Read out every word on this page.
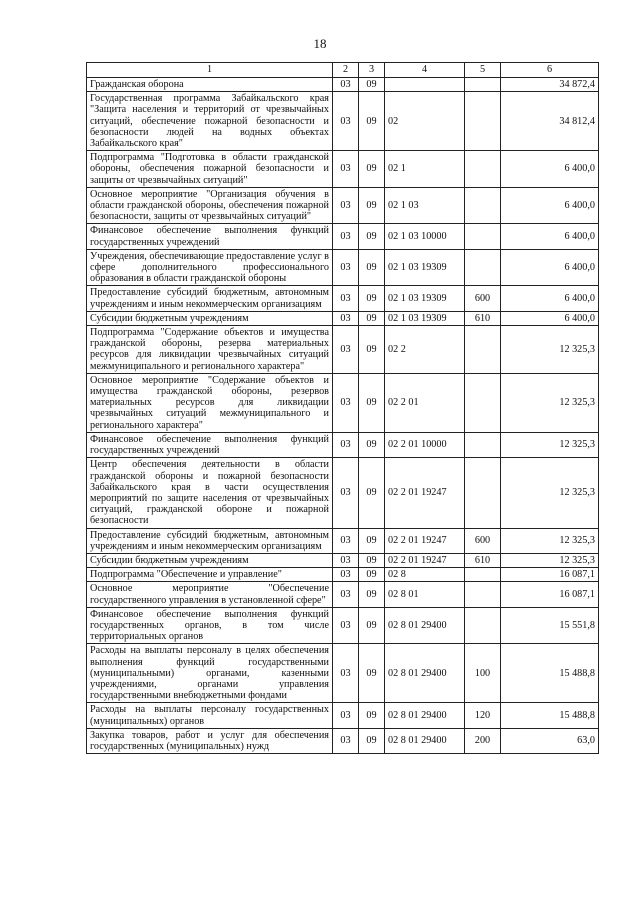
18
1	2	3	4	5	6
Гражданская оборона	03	09			34 872,4
Государственная программа Забайкальского края "Защита населения и территорий от чрезвычайных ситуаций, обеспечение пожарной безопасности и безопасности людей на водных объектах Забайкальского края"	03	09	02		34 812,4
Подпрограмма "Подготовка в области гражданской обороны, обеспечения пожарной безопасности и защиты от чрезвычайных ситуаций"	03	09	02 1		6 400,0
Основное мероприятие "Организация обучения в области гражданской обороны, обеспечения пожарной безопасности, защиты от чрезвычайных ситуаций"	03	09	02 1 03		6 400,0
Финансовое обеспечение выполнения функций государственных учреждений	03	09	02 1 03 10000		6 400,0
Учреждения, обеспечивающие предоставление услуг в сфере дополнительного профессионального образования в области гражданской обороны	03	09	02 1 03 19309		6 400,0
Предоставление субсидий бюджетным, автономным учреждениям и иным некоммерческим организациям	03	09	02 1 03 19309	600	6 400,0
Субсидии бюджетным учреждениям	03	09	02 1 03 19309	610	6 400,0
Подпрограмма "Содержание объектов и имущества гражданской обороны, резерва материальных ресурсов для ликвидации чрезвычайных ситуаций межмуниципального и регионального характера"	03	09	02 2		12 325,3
Основное мероприятие "Содержание объектов и имущества гражданской обороны, резервов материальных ресурсов для ликвидации чрезвычайных ситуаций межмуниципального и регионального характера"	03	09	02 2 01		12 325,3
Финансовое обеспечение выполнения функций государственных учреждений	03	09	02 2 01 10000		12 325,3
Центр обеспечения деятельности в области гражданской обороны и пожарной безопасности Забайкальского края в части осуществления мероприятий по защите населения от чрезвычайных ситуаций, гражданской обороне и пожарной безопасности	03	09	02 2 01 19247		12 325,3
Предоставление субсидий бюджетным, автономным учреждениям и иным некоммерческим организациям	03	09	02 2 01 19247	600	12 325,3
Субсидии бюджетным учреждениям	03	09	02 2 01 19247	610	12 325,3
Подпрограмма "Обеспечение и управление"	03	09	02 8		16 087,1
Основное мероприятие "Обеспечение государственного управления в установленной сфере"	03	09	02 8 01		16 087,1
Финансовое обеспечение выполнения функций государственных органов, в том числе территориальных органов	03	09	02 8 01 29400		15 551,8
Расходы на выплаты персоналу в целях обеспечения выполнения функций государственными (муниципальными) органами, казенными учреждениями, органами управления государственными внебюджетными фондами	03	09	02 8 01 29400	100	15 488,8
Расходы на выплаты персоналу государственных (муниципальных) органов	03	09	02 8 01 29400	120	15 488,8
Закупка товаров, работ и услуг для обеспечения государственных (муниципальных) нужд	03	09	02 8 01 29400	200	63,0
